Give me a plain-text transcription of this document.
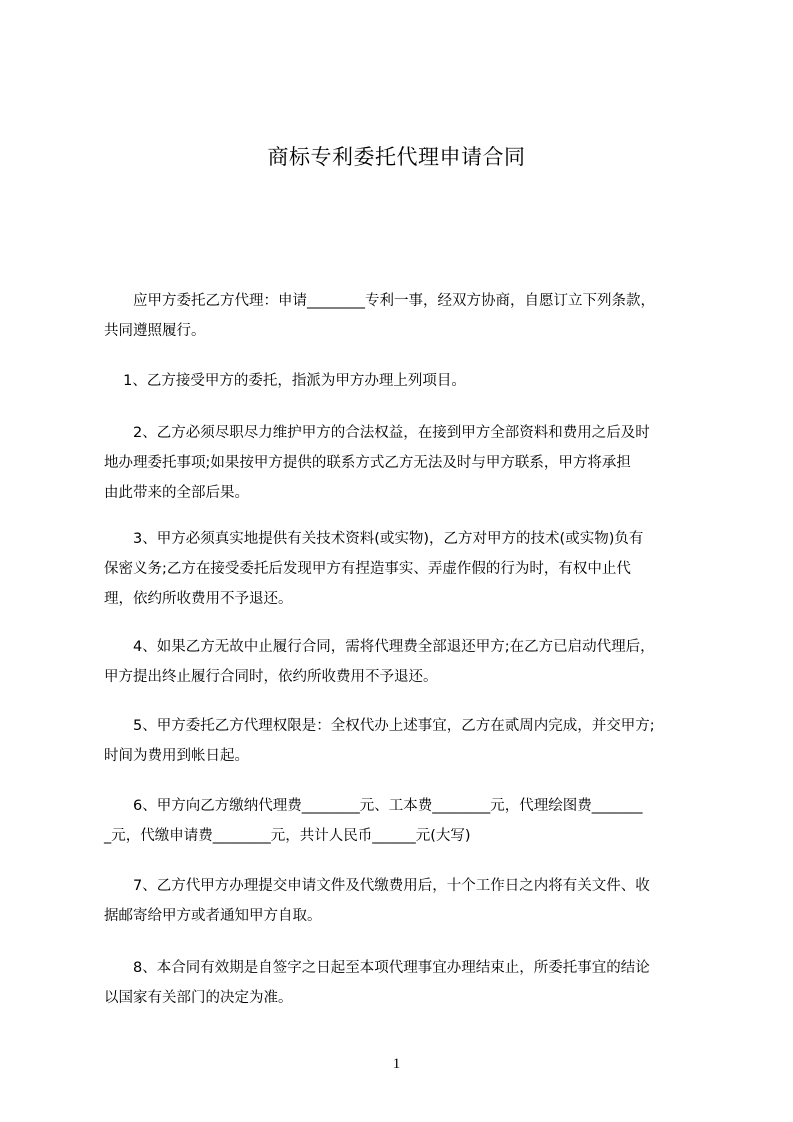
商标专利委托代理申请合同
　　应甲方委托乙方代理：申请________专利一事，经双方协商，自愿订立下列条款，
共同遵照履行。
　 1、乙方接受甲方的委托，指派为甲方办理上列项目。
　　2、乙方必须尽职尽力维护甲方的合法权益，在接到甲方全部资料和费用之后及时
地办理委托事项;如果按甲方提供的联系方式乙方无法及时与甲方联系，甲方将承担
由此带来的全部后果。
　　3、甲方必须真实地提供有关技术资料(或实物)，乙方对甲方的技术(或实物)负有
保密义务;乙方在接受委托后发现甲方有捏造事实、弄虚作假的行为时，有权中止代
理，依约所收费用不予退还。
　　4、如果乙方无故中止履行合同，需将代理费全部退还甲方;在乙方已启动代理后，
甲方提出终止履行合同时，依约所收费用不予退还。
　　5、甲方委托乙方代理权限是：全权代办上述事宜，乙方在贰周内完成，并交甲方;
时间为费用到帐日起。
　　6、甲方向乙方缴纳代理费________元、工本费________元，代理绘图费_______
_元，代缴申请费________元，共计人民币______元(大写)
　　7、乙方代甲方办理提交申请文件及代缴费用后，十个工作日之内将有关文件、收
据邮寄给甲方或者通知甲方自取。
　　8、本合同有效期是自签字之日起至本项代理事宜办理结束止，所委托事宜的结论
以国家有关部门的决定为准。
1
